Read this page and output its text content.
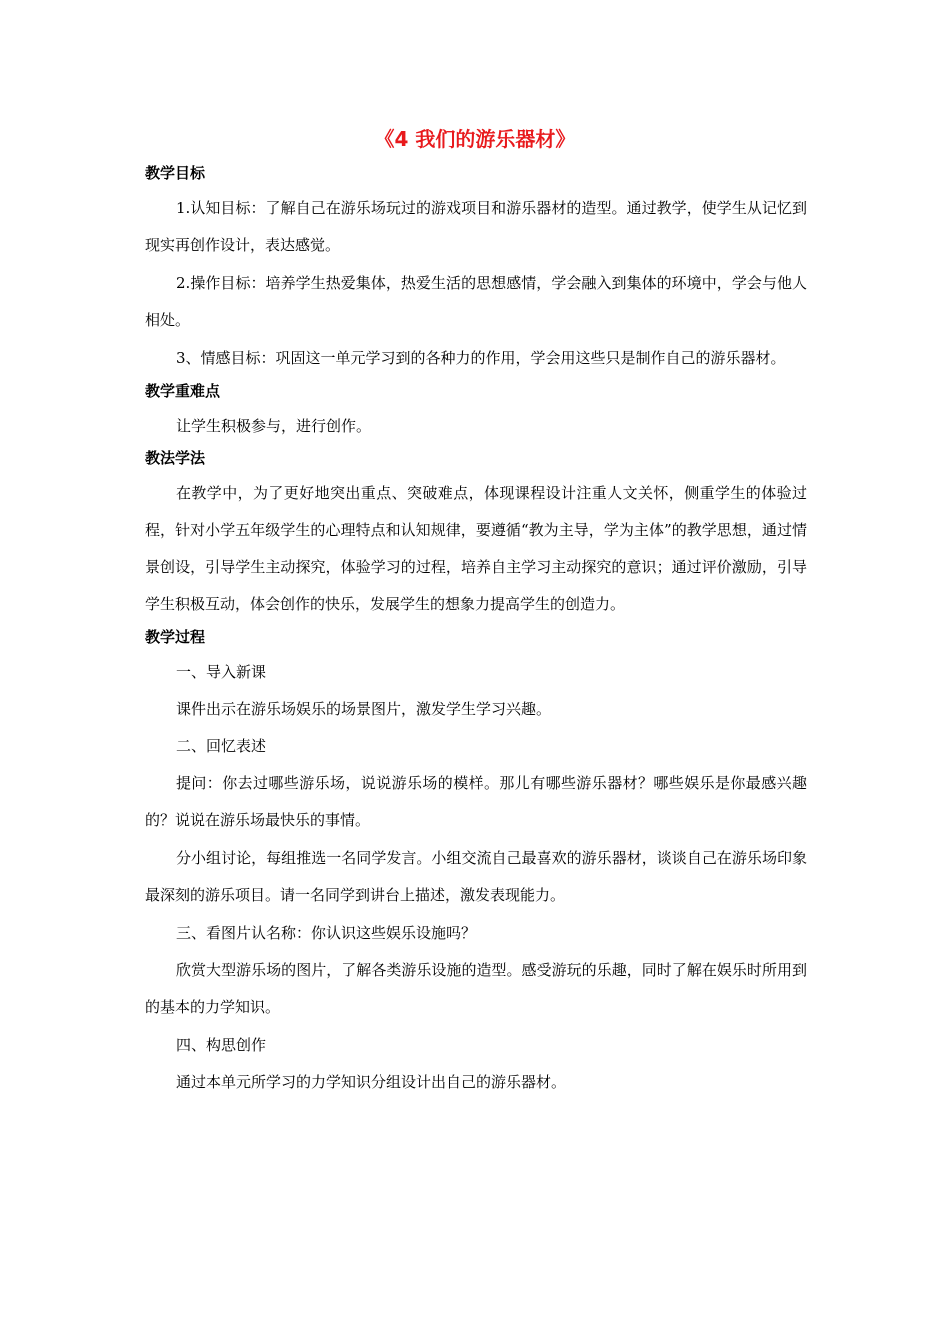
《4 我们的游乐器材》
教学目标

1.认知目标：了解自己在游乐场玩过的游戏项目和游乐器材的造型。通过教学，使学生从记忆到现实再创作设计，表达感觉。

2.操作目标：培养学生热爱集体，热爱生活的思想感情，学会融入到集体的环境中，学会与他人相处。

3、情感目标：巩固这一单元学习到的各种力的作用，学会用这些只是制作自己的游乐器材。

教学重难点

让学生积极参与，进行创作。

教法学法

在教学中，为了更好地突出重点、突破难点，体现课程设计注重人文关怀，侧重学生的体验过程，针对小学五年级学生的心理特点和认知规律，要遵循“教为主导，学为主体”的教学思想，通过情景创设，引导学生主动探究，体验学习的过程，培养自主学习主动探究的意识；通过评价激励，引导学生积极互动，体会创作的快乐，发展学生的想象力提高学生的创造力。

教学过程

一、导入新课

课件出示在游乐场娱乐的场景图片，激发学生学习兴趣。

二、回忆表述

提问：你去过哪些游乐场，说说游乐场的模样。那儿有哪些游乐器材？哪些娱乐是你最感兴趣的？说说在游乐场最快乐的事情。

分小组讨论，每组推选一名同学发言。小组交流自己最喜欢的游乐器材，谈谈自己在游乐场印象最深刻的游乐项目。请一名同学到讲台上描述，激发表现能力。

三、看图片认名称：你认识这些娱乐设施吗？

欣赏大型游乐场的图片，了解各类游乐设施的造型。感受游玩的乐趣，同时了解在娱乐时所用到的基本的力学知识。

四、构思创作

通过本单元所学习的力学知识分组设计出自己的游乐器材。
